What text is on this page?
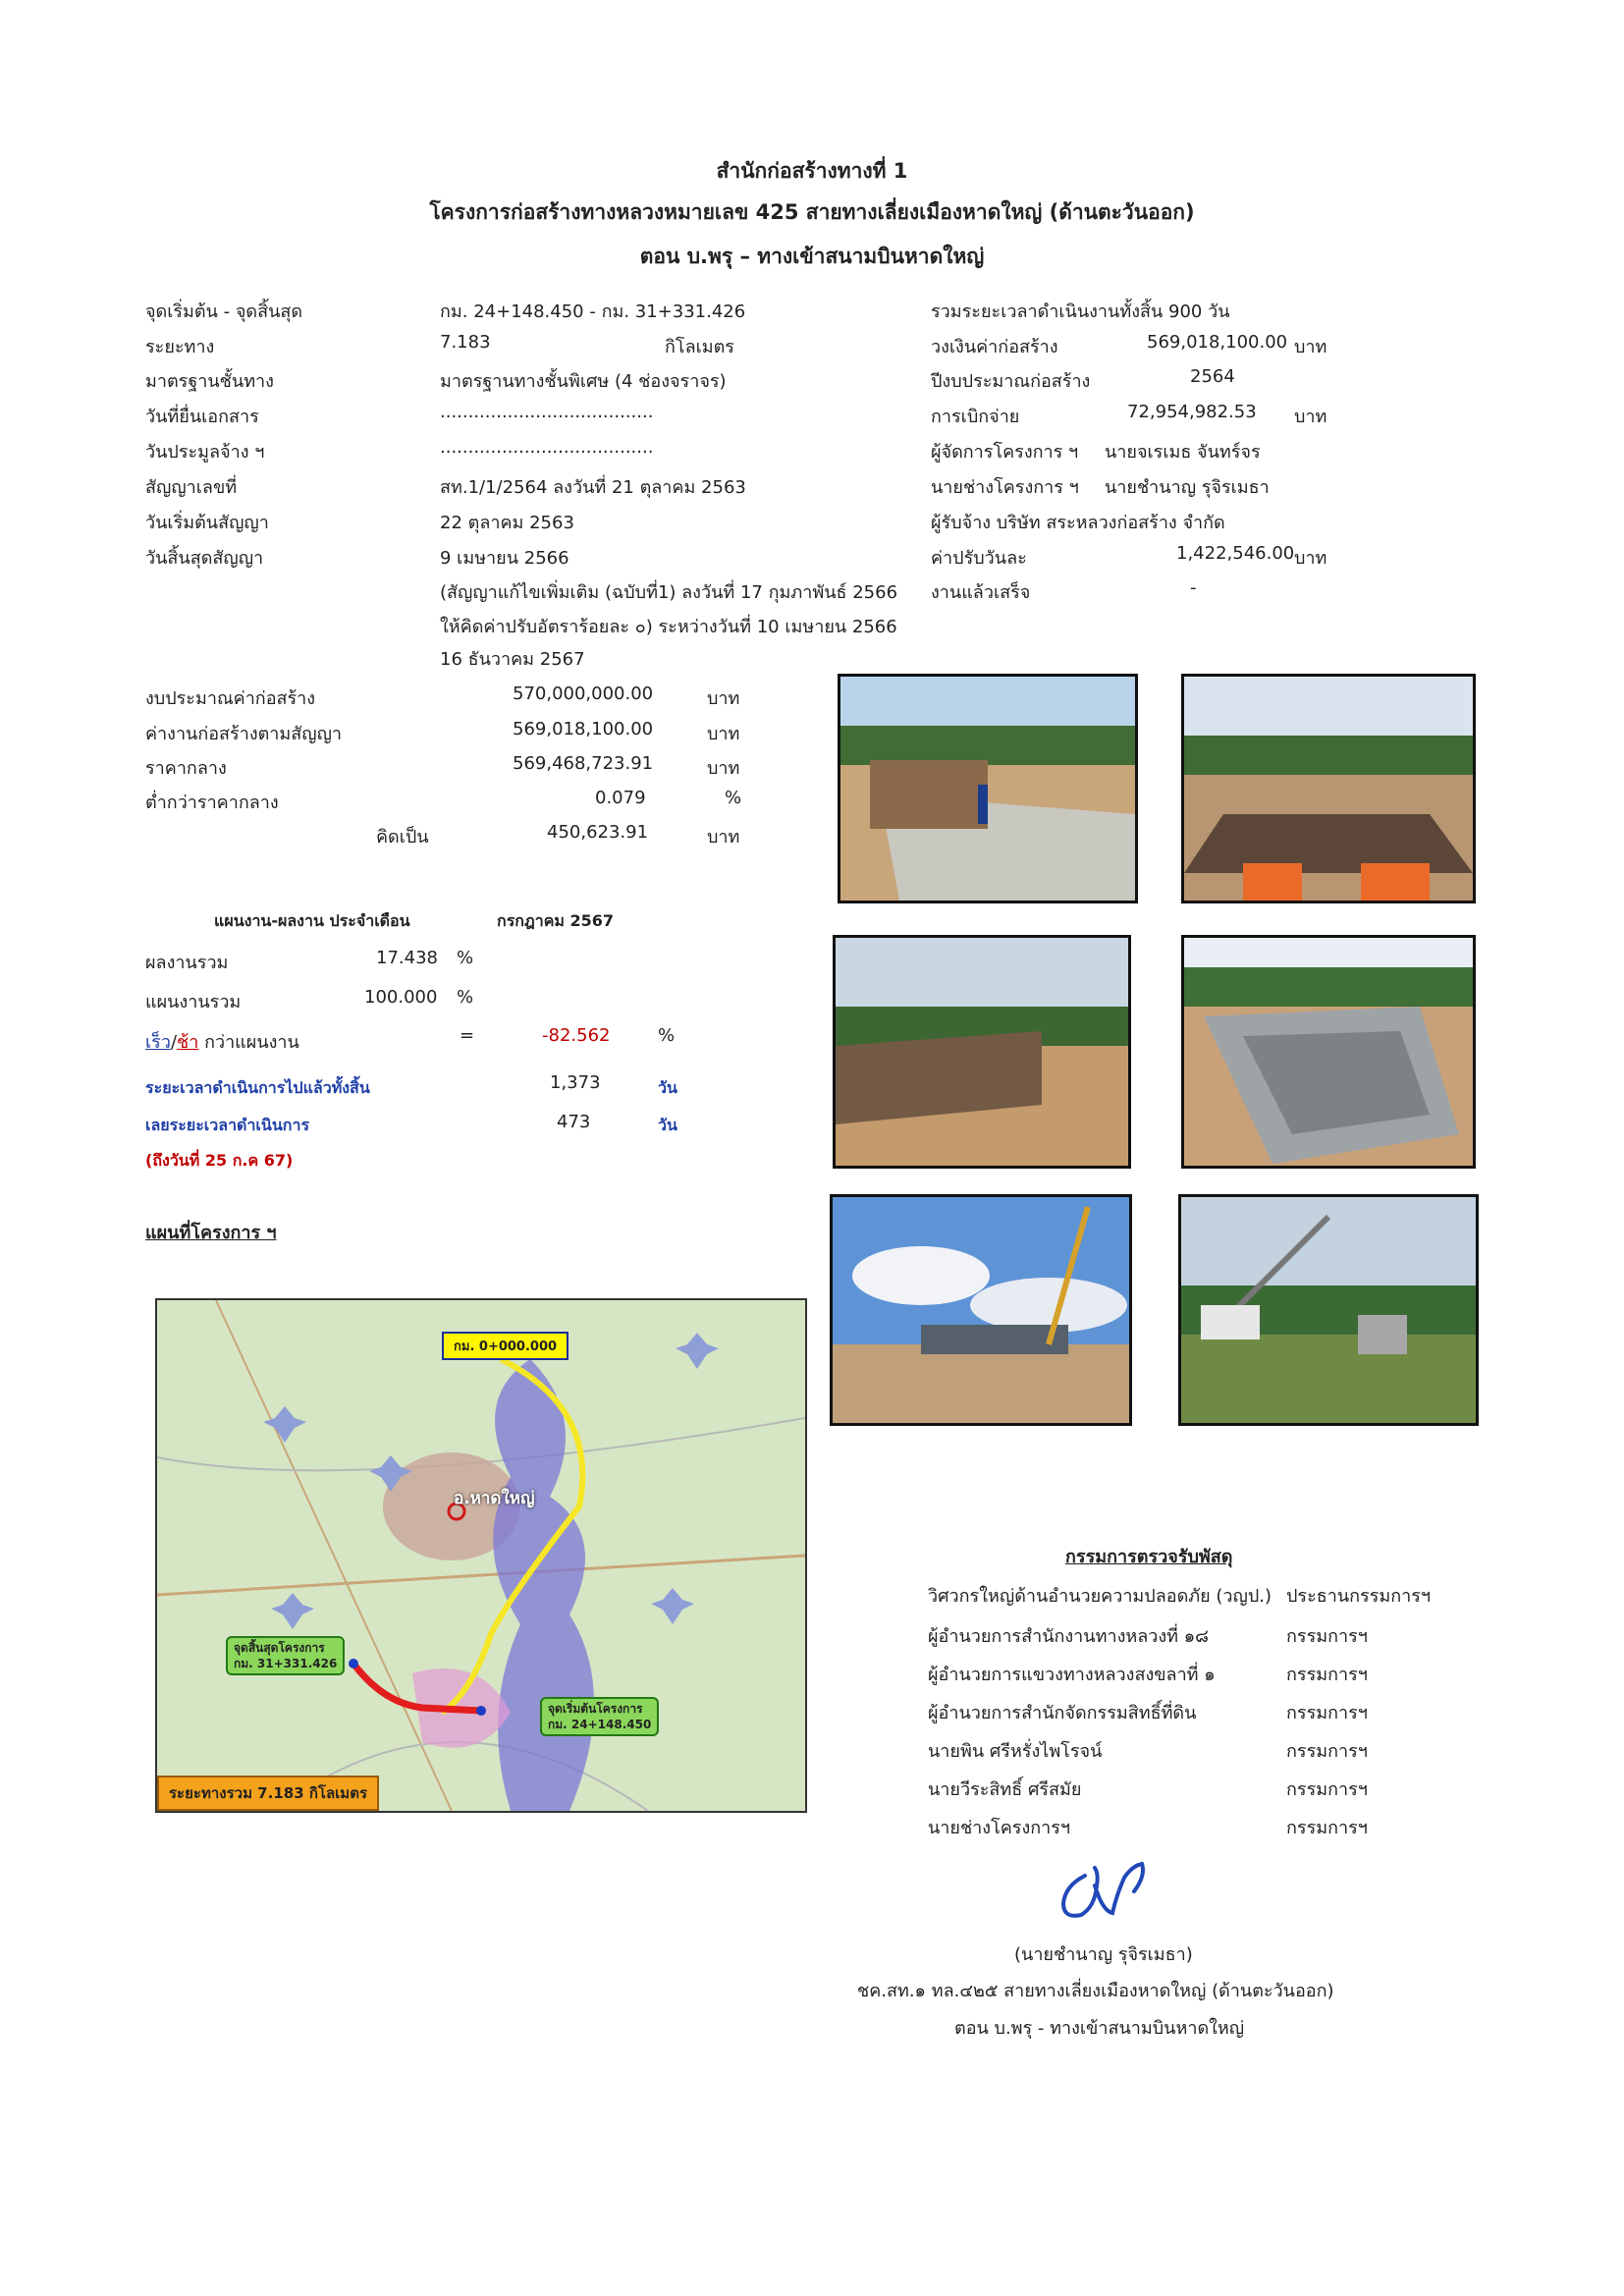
สำนักก่อสร้างทางที่ 1
โครงการก่อสร้างทางหลวงหมายเลข 425 สายทางเลี่ยงเมืองหาดใหญ่ (ด้านตะวันออก)
ตอน บ.พรุ – ทางเข้าสนามบินหาดใหญ่
จุดเริ่มต้น - จุดสิ้นสุด	กม. 24+148.450 - กม. 31+331.426
ระยะทาง	7.183	กิโลเมตร
มาตรฐานชั้นทาง	มาตรฐานทางชั้นพิเศษ (4 ช่องจราจร)
วันที่ยื่นเอกสาร	......................................
วันประมูลจ้าง ฯ	......................................
สัญญาเลขที่	สท.1/1/2564 ลงวันที่ 21 ตุลาคม 2563
วันเริ่มต้นสัญญา	22 ตุลาคม 2563
วันสิ้นสุดสัญญา	9 เมษายน 2566
(สัญญาแก้ไขเพิ่มเติม (ฉบับที่1) ลงวันที่ 17 กุมภาพันธ์ 2566
ให้คิดค่าปรับอัตราร้อยละ ๐) ระหว่างวันที่ 10 เมษายน 2566
16 ธันวาคม 2567
รวมระยะเวลาดำเนินงานทั้งสิ้น 900 วัน
วงเงินค่าก่อสร้าง	569,018,100.00 บาท
ปีงบประมาณก่อสร้าง	2564
การเบิกจ่าย	72,954,982.53 บาท
ผู้จัดการโครงการ ฯ นายจเรเมธ จันทร์จร
นายช่างโครงการ ฯ นายชำนาญ รุจิรเมธา
ผู้รับจ้าง บริษัท สระหลวงก่อสร้าง จำกัด
ค่าปรับวันละ	1,422,546.00 บาท
งานแล้วเสร็จ	-
งบประมาณค่าก่อสร้าง	570,000,000.00	บาท
ค่างานก่อสร้างตามสัญญา	569,018,100.00	บาท
ราคากลาง	569,468,723.91	บาท
ต่ำกว่าราคากลาง	0.079	%
คิดเป็น	450,623.91	บาท
แผนงาน-ผลงาน ประจำเดือน	กรกฎาคม 2567
ผลงานรวม	17.438 %
แผนงานรวม	100.000 %
เร็ว/ช้า กว่าแผนงาน	=	-82.562	%
ระยะเวลาดำเนินการไปแล้วทั้งสิ้น	1,373	วัน
เลยระยะเวลาดำเนินการ	473	วัน
(ถึงวันที่ 25 ก.ค 67)
แผนที่โครงการ ฯ
กม. 0+000.000
อ.หาดใหญ่
จุดสิ้นสุดโครงการ
กม. 31+331.426
จุดเริ่มต้นโครงการ
กม. 24+148.450
ระยะทางรวม 7.183 กิโลเมตร
กรรมการตรวจรับพัสดุ
วิศวกรใหญ่ด้านอำนวยความปลอดภัย (วญป.) ประธานกรรมการฯ
ผู้อำนวยการสำนักงานทางหลวงที่ ๑๘	กรรมการฯ
ผู้อำนวยการแขวงทางหลวงสงขลาที่ ๑	กรรมการฯ
ผู้อำนวยการสำนักจัดกรรมสิทธิ์ที่ดิน	กรรมการฯ
นายพิน ศรีหรั่งไพโรจน์	กรรมการฯ
นายวีระสิทธิ์ ศรีสมัย	กรรมการฯ
นายช่างโครงการฯ	กรรมการฯ
(นายชำนาญ รุจิรเมธา)
ชค.สท.๑ ทล.๔๒๕ สายทางเลี่ยงเมืองหาดใหญ่ (ด้านตะวันออก)
ตอน บ.พรุ - ทางเข้าสนามบินหาดใหญ่
